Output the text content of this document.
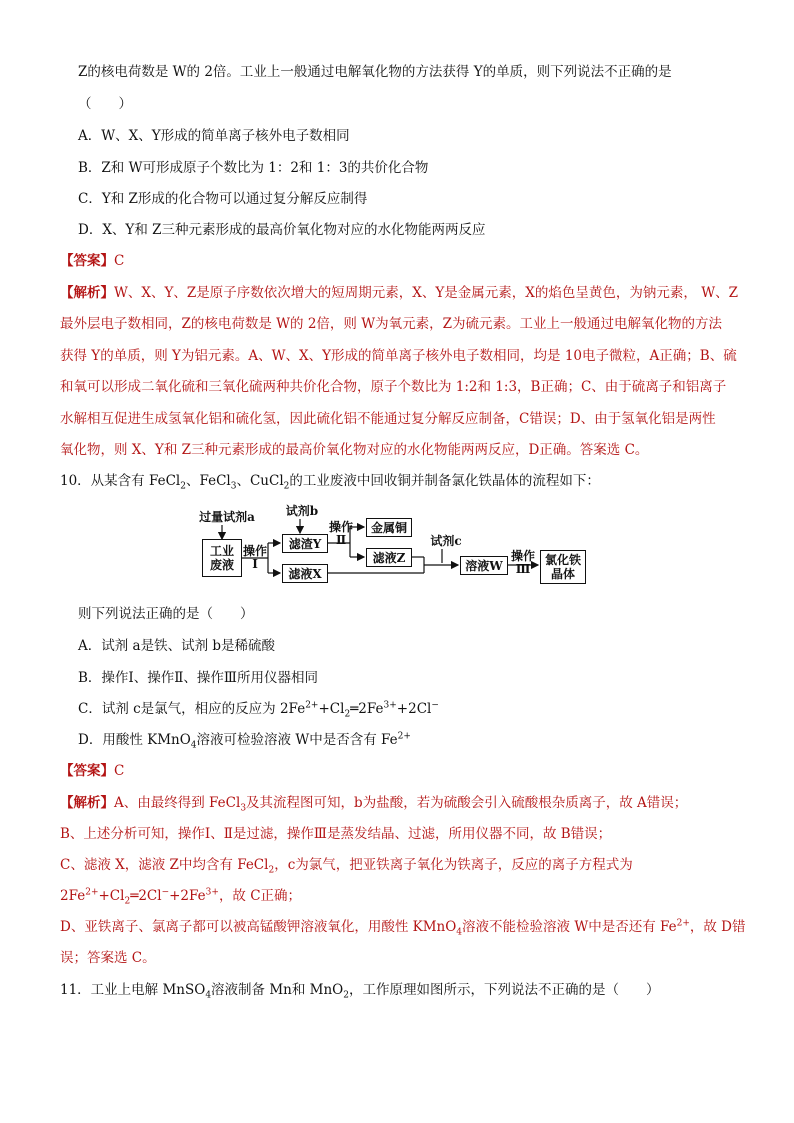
Z的核电荷数是 W的 2倍。工业上一般通过电解氧化物的方法获得 Y的单质，则下列说法不正确的是
（　　）
A．W、X、Y形成的简单离子核外电子数相同
B．Z和 W可形成原子个数比为 1：2和 1：3的共价化合物
C．Y和 Z形成的化合物可以通过复分解反应制得
D．X、Y和 Z三种元素形成的最高价氧化物对应的水化物能两两反应
【答案】C
【解析】W、X、Y、Z是原子序数依次增大的短周期元素，X、Y是金属元素，X的焰色呈黄色，为钠元素， W、Z
最外层电子数相同，Z的核电荷数是 W的 2倍，则 W为氧元素，Z为硫元素。工业上一般通过电解氧化物的方法
获得 Y的单质，则 Y为铝元素。A、W、X、Y形成的简单离子核外电子数相同，均是 10电子微粒，A正确；B、硫
和氧可以形成二氧化硫和三氧化硫两种共价化合物，原子个数比为 1:2和 1:3，B正确；C、由于硫离子和铝离子
水解相互促进生成氢氧化铝和硫化氢，因此硫化铝不能通过复分解反应制备，C错误；D、由于氢氧化铝是两性
氧化物，则 X、Y和 Z三种元素形成的最高价氧化物对应的水化物能两两反应，D正确。答案选 C。
10．从某含有 FeCl$_2$、FeCl$_3$、CuCl$_2$的工业废液中回收铜并制备氯化铁晶体的流程如下：
过量试剂a	试剂b
试剂c
工业
废液
操作
Ⅰ
滤渣Y
滤液X
操作
Ⅱ
金属铜
滤液Z
溶液W
操作
Ⅲ
氯化铁
晶体
则下列说法正确的是（　　）
A．试剂 a是铁、试剂 b是稀硫酸
B．操作Ⅰ、操作Ⅱ、操作Ⅲ所用仪器相同
C．试剂 c是氯气，相应的反应为 $2Fe^{2+}+Cl_2═2Fe^{3+}+2Cl^-$
D．用酸性 KMnO$_4$溶液可检验溶液 W中是否含有 $Fe^{2+}$
【答案】C
【解析】A、由最终得到 FeCl$_3$及其流程图可知，b为盐酸，若为硫酸会引入硫酸根杂质离子，故 A错误；
B、上述分析可知，操作Ⅰ、Ⅱ是过滤，操作Ⅲ是蒸发结晶、过滤，所用仪器不同，故 B错误；
C、滤液 X，滤液 Z中均含有 FeCl$_2$，c为氯气，把亚铁离子氧化为铁离子，反应的离子方程式为
$2Fe^{2+}+Cl_2═2Cl^-+2Fe^{3+}$，故 C正确；
D、亚铁离子、氯离子都可以被高锰酸钾溶液氧化，用酸性 KMnO$_4$溶液不能检验溶液 W中是否还有 $Fe^{2+}$，故 D错
误；答案选 C。
11．工业上电解 MnSO$_4$溶液制备 Mn和 MnO$_2$，工作原理如图所示，下列说法不正确的是（　　）
